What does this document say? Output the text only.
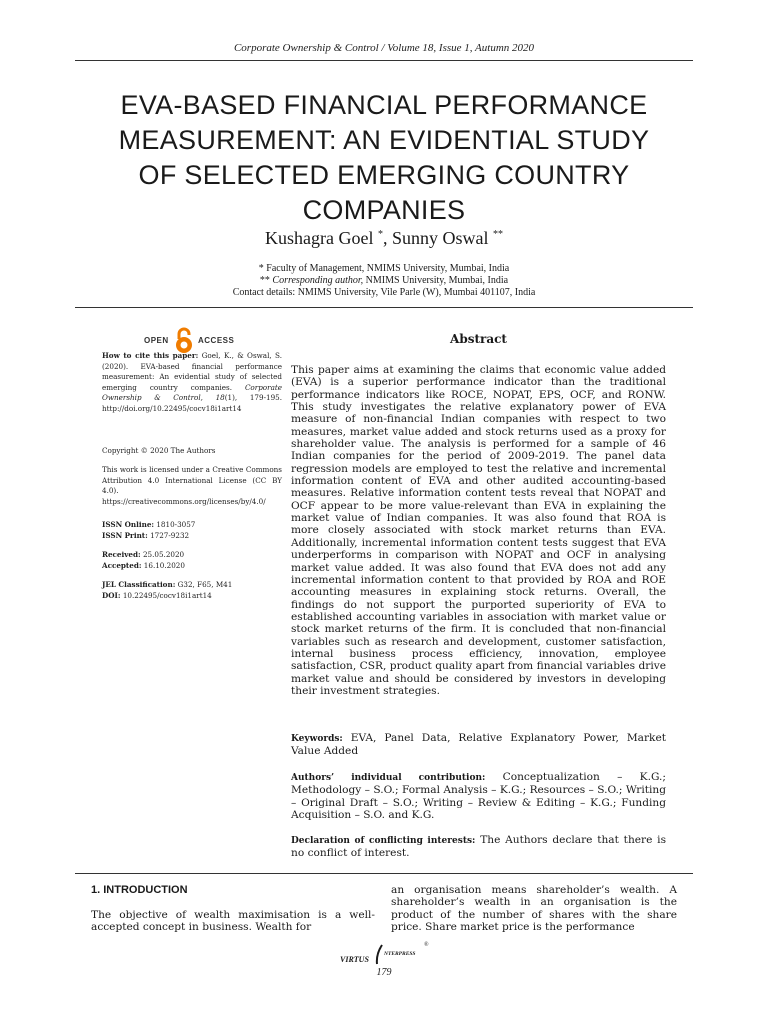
Corporate Ownership & Control / Volume 18, Issue 1, Autumn 2020
EVA-BASED FINANCIAL PERFORMANCE
MEASUREMENT: AN EVIDENTIAL STUDY
OF SELECTED EMERGING COUNTRY
COMPANIES
Kushagra Goel *, Sunny Oswal **
* Faculty of Management, NMIMS University, Mumbai, India
** Corresponding author, NMIMS University, Mumbai, India
Contact details: NMIMS University, Vile Parle (W), Mumbai 401107, India
OPEN	ACCESS
How to cite this paper: Goel, K., & Oswal, S. (2020). EVA-based financial performance measurement: An evidential study of selected emerging country companies. Corporate Ownership & Control, 18(1), 179-195. http://doi.org/10.22495/cocv18i1art14
Copyright © 2020 The Authors
This work is licensed under a Creative Commons Attribution 4.0 International License (CC BY 4.0). https://creativecommons.org/licenses/by/4.0/
ISSN Online: 1810-3057
ISSN Print: 1727-9232
Received: 25.05.2020
Accepted: 16.10.2020
JEL Classification: G32, F65, M41
DOI: 10.22495/cocv18i1art14
Abstract
This paper aims at examining the claims that economic value added (EVA) is a superior performance indicator than the traditional performance indicators like ROCE, NOPAT, EPS, OCF, and RONW. This study investigates the relative explanatory power of EVA measure of non-financial Indian companies with respect to two measures, market value added and stock returns used as a proxy for shareholder value. The analysis is performed for a sample of 46 Indian companies for the period of 2009-2019. The panel data regression models are employed to test the relative and incremental information content of EVA and other audited accounting-based measures. Relative information content tests reveal that NOPAT and OCF appear to be more value-relevant than EVA in explaining the market value of Indian companies. It was also found that ROA is more closely associated with stock market returns than EVA. Additionally, incremental information content tests suggest that EVA underperforms in comparison with NOPAT and OCF in analysing market value added. It was also found that EVA does not add any incremental information content to that provided by ROA and ROE accounting measures in explaining stock returns. Overall, the findings do not support the purported superiority of EVA to established accounting variables in association with market value or stock market returns of the firm. It is concluded that non-financial variables such as research and development, customer satisfaction, internal business process efficiency, innovation, employee satisfaction, CSR, product quality apart from financial variables drive market value and should be considered by investors in developing their investment strategies.
Keywords: EVA, Panel Data, Relative Explanatory Power, Market Value Added
Authors’ individual contribution: Conceptualization – K.G.; Methodology – S.O.; Formal Analysis – K.G.; Resources – S.O.; Writing – Original Draft – S.O.; Writing – Review & Editing – K.G.; Funding Acquisition – S.O. and K.G.
Declaration of conflicting interests: The Authors declare that there is no conflict of interest.
1. INTRODUCTION
The objective of wealth maximisation is a well-accepted concept in business. Wealth for
an organisation means shareholder’s wealth. A shareholder’s wealth in an organisation is the product of the number of shares with the share price. Share market price is the performance
VIRTUS
NTERPRESS
®
179
